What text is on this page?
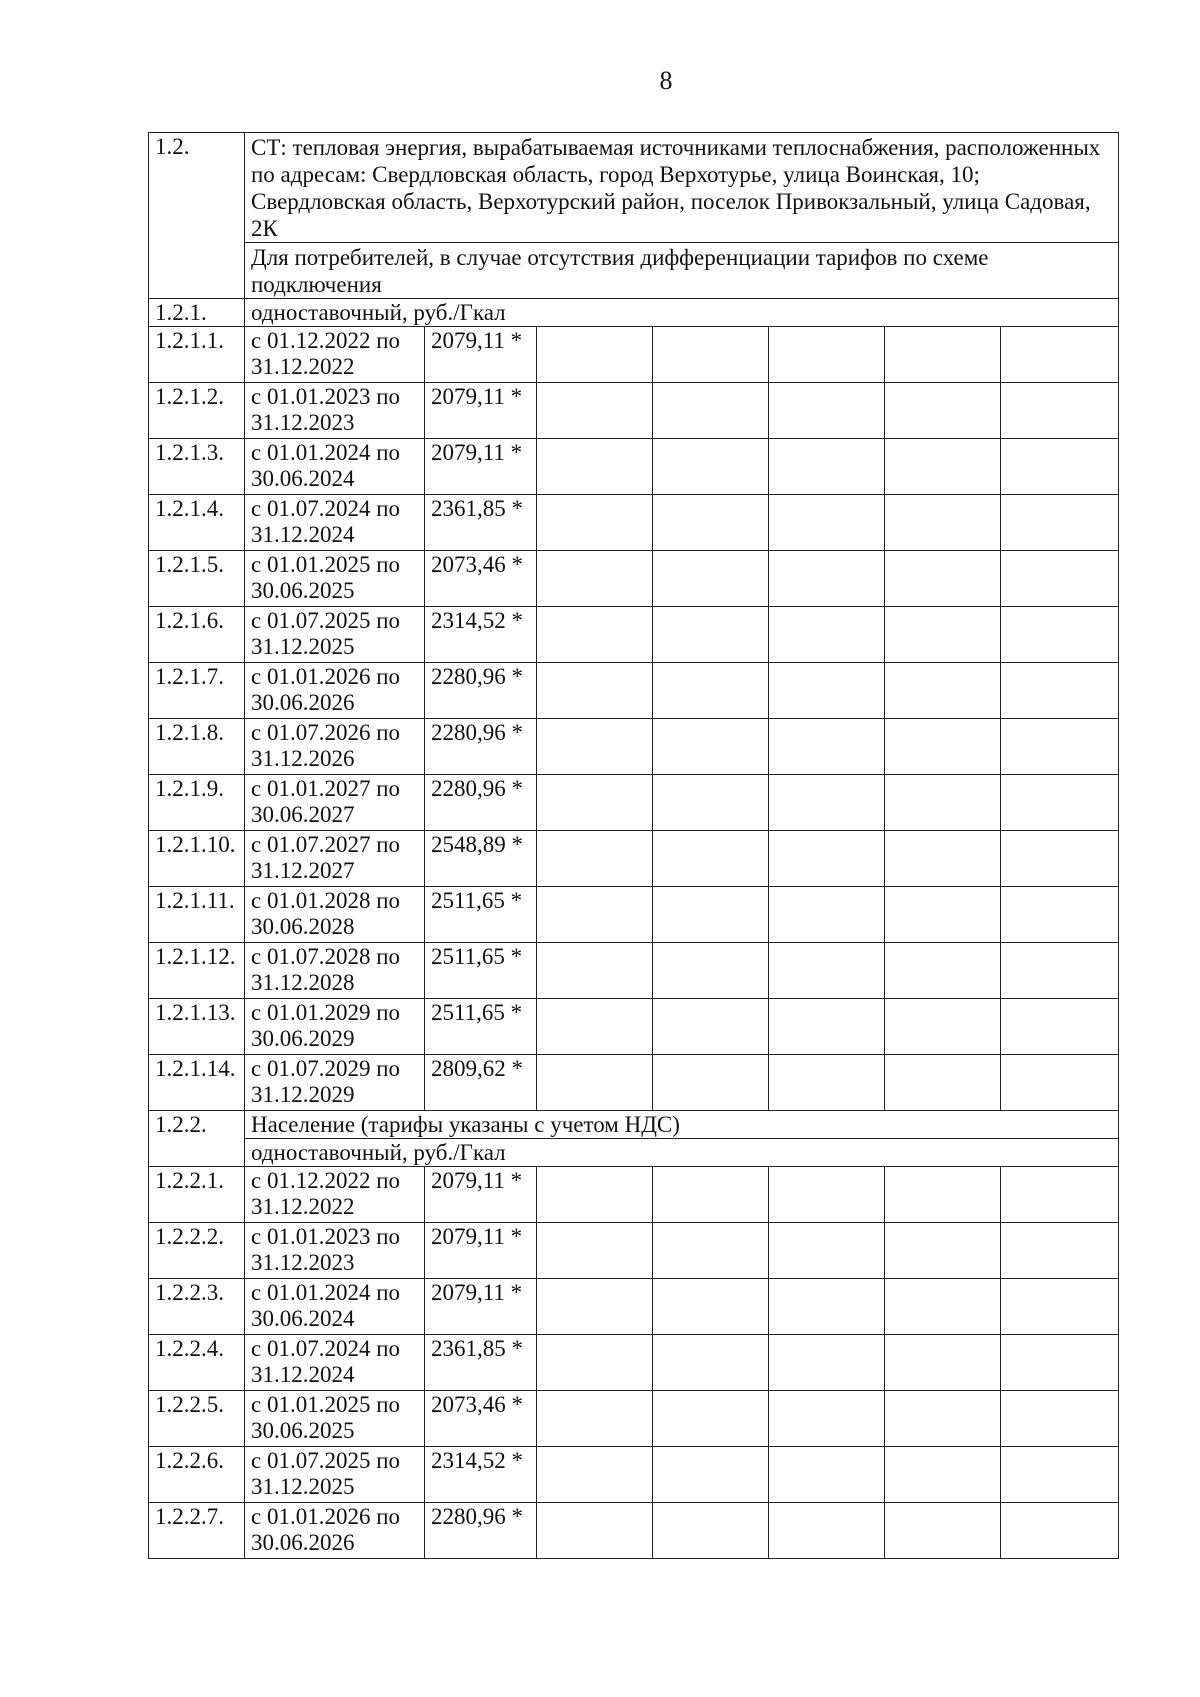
8
1.2.	СТ: тепловая энергия, вырабатываемая источниками теплоснабжения, расположенных по адресам: Свердловская область, город Верхотурье, улица Воинская, 10; Свердловская область, Верхотурский район, поселок Привокзальный, улица Садовая, 2К						
	Для потребителей, в случае отсутствия дифференциации тарифов по схеме подключения						
1.2.1.	одноставочный, руб./Гкал						
1.2.1.1.	с 01.12.2022 по 31.12.2022	2079,11 *					
1.2.1.2.	с 01.01.2023 по 31.12.2023	2079,11 *					
1.2.1.3.	с 01.01.2024 по 30.06.2024	2079,11 *					
1.2.1.4.	с 01.07.2024 по 31.12.2024	2361,85 *					
1.2.1.5.	с 01.01.2025 по 30.06.2025	2073,46 *					
1.2.1.6.	с 01.07.2025 по 31.12.2025	2314,52 *					
1.2.1.7.	с 01.01.2026 по 30.06.2026	2280,96 *					
1.2.1.8.	с 01.07.2026 по 31.12.2026	2280,96 *					
1.2.1.9.	с 01.01.2027 по 30.06.2027	2280,96 *					
1.2.1.10.	с 01.07.2027 по 31.12.2027	2548,89 *					
1.2.1.11.	с 01.01.2028 по 30.06.2028	2511,65 *					
1.2.1.12.	с 01.07.2028 по 31.12.2028	2511,65 *					
1.2.1.13.	с 01.01.2029 по 30.06.2029	2511,65 *					
1.2.1.14.	с 01.07.2029 по 31.12.2029	2809,62 *					
1.2.2.	Население (тарифы указаны с учетом НДС)						
	одноставочный, руб./Гкал						
1.2.2.1.	с 01.12.2022 по 31.12.2022	2079,11 *					
1.2.2.2.	с 01.01.2023 по 31.12.2023	2079,11 *					
1.2.2.3.	с 01.01.2024 по 30.06.2024	2079,11 *					
1.2.2.4.	с 01.07.2024 по 31.12.2024	2361,85 *					
1.2.2.5.	с 01.01.2025 по 30.06.2025	2073,46 *					
1.2.2.6.	с 01.07.2025 по 31.12.2025	2314,52 *					
1.2.2.7.	с 01.01.2026 по 30.06.2026	2280,96 *					
